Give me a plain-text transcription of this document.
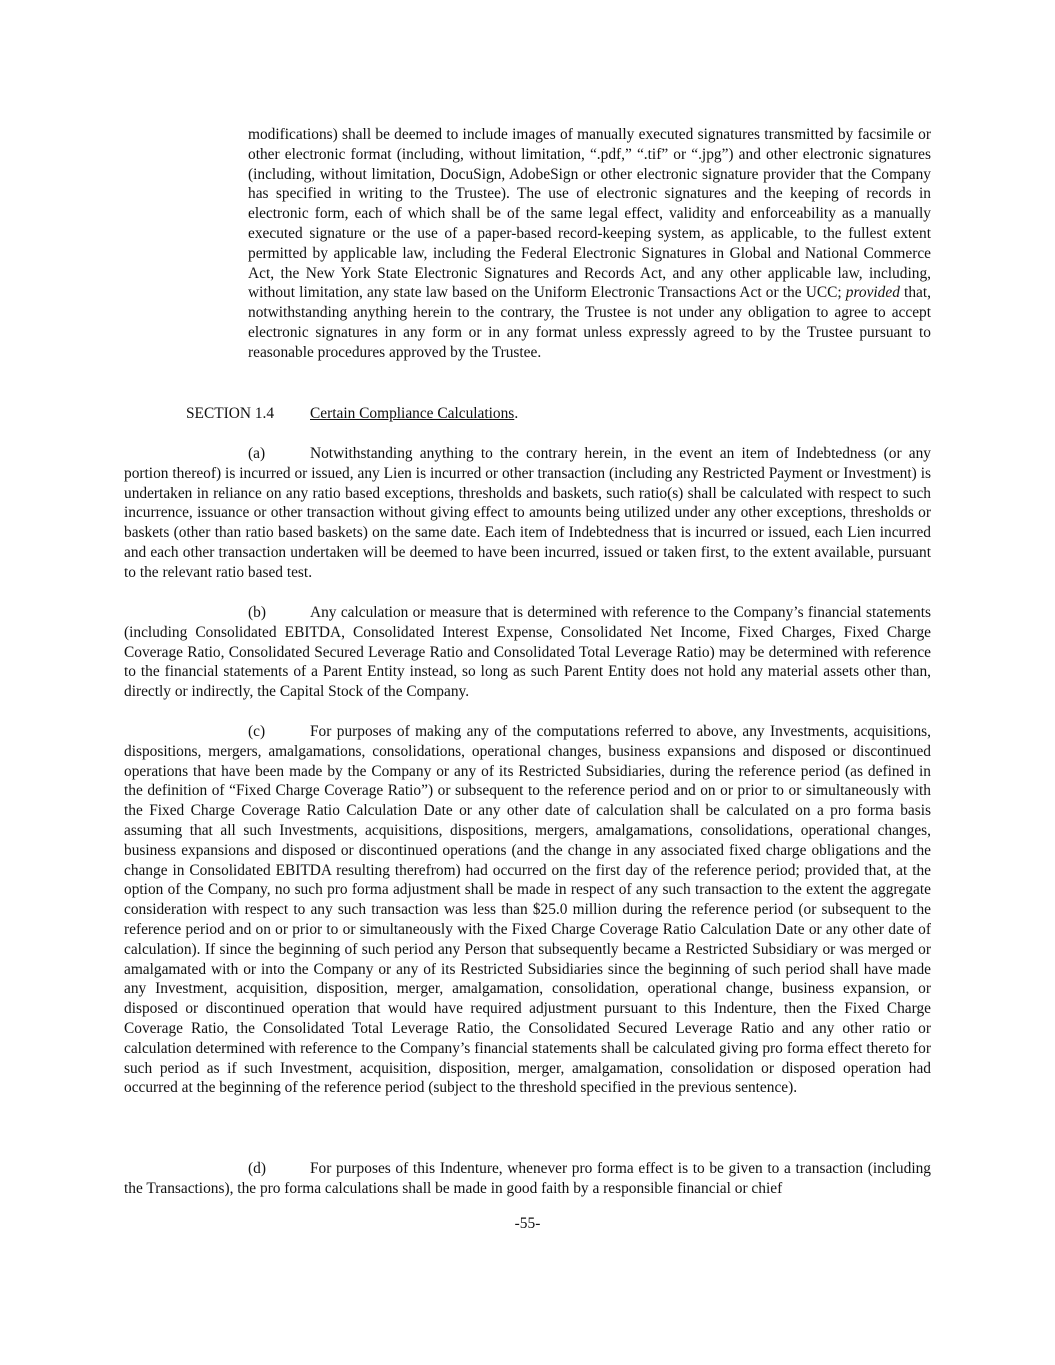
modifications) shall be deemed to include images of manually executed signatures transmitted by facsimile or other electronic format (including, without limitation, “.pdf,” “.tif” or “.jpg”) and other electronic signatures (including, without limitation, DocuSign, AdobeSign or other electronic signature provider that the Company has specified in writing to the Trustee). The use of electronic signatures and the keeping of records in electronic form, each of which shall be of the same legal effect, validity and enforceability as a manually executed signature or the use of a paper-based record-keeping system, as applicable, to the fullest extent permitted by applicable law, including the Federal Electronic Signatures in Global and National Commerce Act, the New York State Electronic Signatures and Records Act, and any other applicable law, including, without limitation, any state law based on the Uniform Electronic Transactions Act or the UCC; provided that, notwithstanding anything herein to the contrary, the Trustee is not under any obligation to agree to accept electronic signatures in any form or in any format unless expressly agreed to by the Trustee pursuant to reasonable procedures approved by the Trustee.

SECTION 1.4 Certain Compliance Calculations.

(a)	Notwithstanding anything to the contrary herein, in the event an item of Indebtedness (or any portion thereof) is incurred or issued, any Lien is incurred or other transaction (including any Restricted Payment or Investment) is undertaken in reliance on any ratio based exceptions, thresholds and baskets, such ratio(s) shall be calculated with respect to such incurrence, issuance or other transaction without giving effect to amounts being utilized under any other exceptions, thresholds or baskets (other than ratio based baskets) on the same date. Each item of Indebtedness that is incurred or issued, each Lien incurred and each other transaction undertaken will be deemed to have been incurred, issued or taken first, to the extent available, pursuant to the relevant ratio based test.

(b)	Any calculation or measure that is determined with reference to the Company’s financial statements (including Consolidated EBITDA, Consolidated Interest Expense, Consolidated Net Income, Fixed Charges, Fixed Charge Coverage Ratio, Consolidated Secured Leverage Ratio and Consolidated Total Leverage Ratio) may be determined with reference to the financial statements of a Parent Entity instead, so long as such Parent Entity does not hold any material assets other than, directly or indirectly, the Capital Stock of the Company.

(c)	For purposes of making any of the computations referred to above, any Investments, acquisitions, dispositions, mergers, amalgamations, consolidations, operational changes, business expansions and disposed or discontinued operations that have been made by the Company or any of its Restricted Subsidiaries, during the reference period (as defined in the definition of “Fixed Charge Coverage Ratio”) or subsequent to the reference period and on or prior to or simultaneously with the Fixed Charge Coverage Ratio Calculation Date or any other date of calculation shall be calculated on a pro forma basis assuming that all such Investments, acquisitions, dispositions, mergers, amalgamations, consolidations, operational changes, business expansions and disposed or discontinued operations (and the change in any associated fixed charge obligations and the change in Consolidated EBITDA resulting therefrom) had occurred on the first day of the reference period; provided that, at the option of the Company, no such pro forma adjustment shall be made in respect of any such transaction to the extent the aggregate consideration with respect to any such transaction was less than $25.0 million during the reference period (or subsequent to the reference period and on or prior to or simultaneously with the Fixed Charge Coverage Ratio Calculation Date or any other date of calculation). If since the beginning of such period any Person that subsequently became a Restricted Subsidiary or was merged or amalgamated with or into the Company or any of its Restricted Subsidiaries since the beginning of such period shall have made any Investment, acquisition, disposition, merger, amalgamation, consolidation, operational change, business expansion, or disposed or discontinued operation that would have required adjustment pursuant to this Indenture, then the Fixed Charge Coverage Ratio, the Consolidated Total Leverage Ratio, the Consolidated Secured Leverage Ratio and any other ratio or calculation determined with reference to the Company’s financial statements shall be calculated giving pro forma effect thereto for such period as if such Investment, acquisition, disposition, merger, amalgamation, consolidation or disposed operation had occurred at the beginning of the reference period (subject to the threshold specified in the previous sentence).

(d)	For purposes of this Indenture, whenever pro forma effect is to be given to a transaction (including the Transactions), the pro forma calculations shall be made in good faith by a responsible financial or chief

-55-
